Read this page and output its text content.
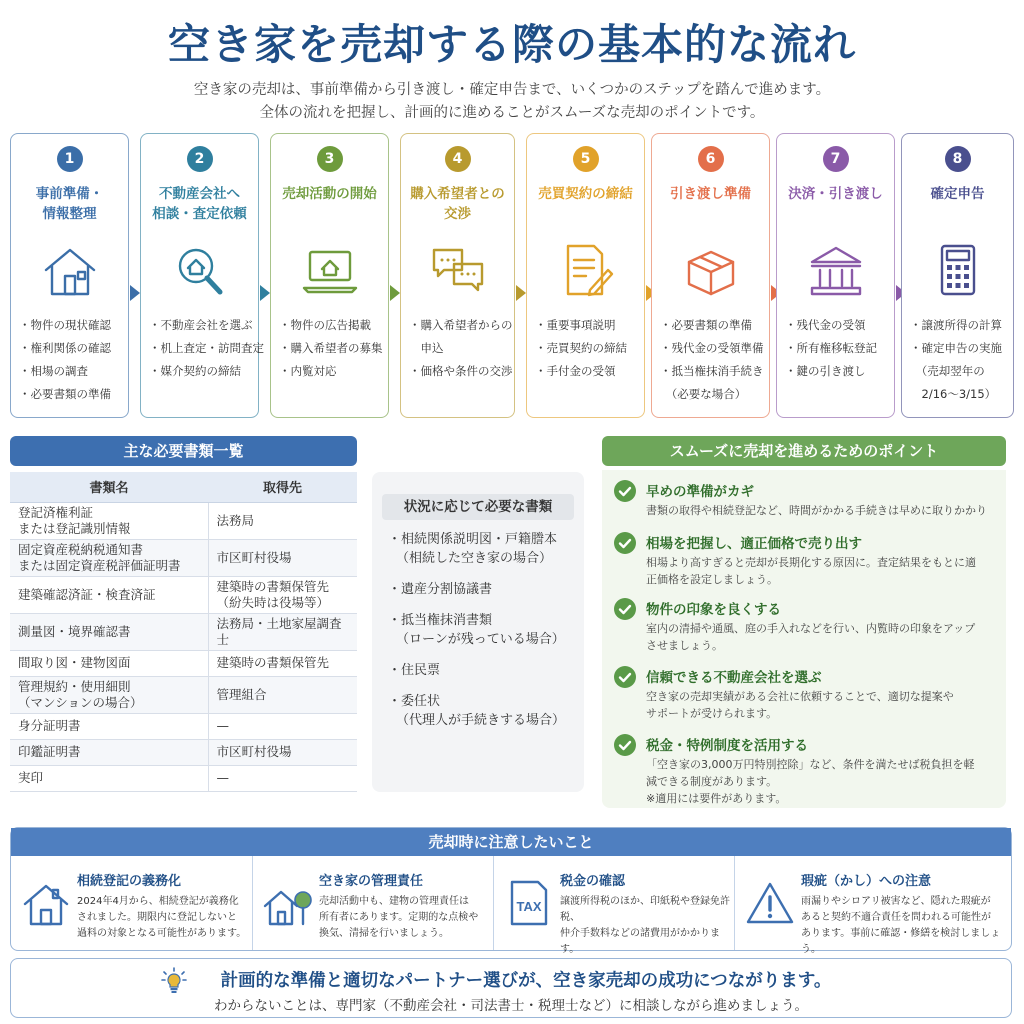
空き家を売却する際の基本的な流れ
空き家の売却は、事前準備から引き渡し・確定申告まで、いくつかのステップを踏んで進めます。
全体の流れを把握し、計画的に進めることがスムーズな売却のポイントです。
1
事前準備・
情報整理
・物件の現状確認
・権利関係の確認
・相場の調査
・必要書類の準備
2
不動産会社へ
相談・査定依頼
・不動産会社を選ぶ
・机上査定・訪問査定
・媒介契約の締結
3
売却活動の開始
・物件の広告掲載
・購入希望者の募集
・内覧対応
4
購入希望者との
交渉
・購入希望者からの
　申込
・価格や条件の交渉
5
売買契約の締結
・重要事項説明
・売買契約の締結
・手付金の受領
6
引き渡し準備
・必要書類の準備
・残代金の受領準備
・抵当権抹消手続き
　（必要な場合）
7
決済・引き渡し
・残代金の受領
・所有権移転登記
・鍵の引き渡し
8
確定申告
・譲渡所得の計算
・確定申告の実施
　（売却翌年の
　2/16〜3/15）
主な必要書類一覧
書類名	取得先

登記済権利証
または登記識別情報	法務局

固定資産税納税通知書
または固定資産税評価証明書	市区町村役場

建築確認済証・検査済証	建築時の書類保管先
（紛失時は役場等）

測量図・境界確認書	法務局・土地家屋調査士

間取り図・建物図面	建築時の書類保管先

管理規約・使用細則
（マンションの場合）	管理組合

身分証明書	—

印鑑証明書	市区町村役場

実印	—
状況に応じて必要な書類
・相続関係説明図・戸籍謄本
（相続した空き家の場合）
・遺産分割協議書
・抵当権抹消書類
（ローンが残っている場合）
・住民票
・委任状
（代理人が手続きする場合）
スムーズに売却を進めるためのポイント
早めの準備がカギ
書類の取得や相続登記など、時間がかかる手続きは早めに取りかかり
相場を把握し、適正価格で売り出す
相場より高すぎると売却が長期化する原因に。査定結果をもとに適
正価格を設定しましょう。
物件の印象を良くする
室内の清掃や通風、庭の手入れなどを行い、内覧時の印象をアップ
させましょう。
信頼できる不動産会社を選ぶ
空き家の売却実績がある会社に依頼することで、適切な提案や
サポートが受けられます。
税金・特例制度を活用する
「空き家の3,000万円特別控除」など、条件を満たせば税負担を軽
減できる制度があります。
※適用には要件があります。
売却時に注意したいこと
相続登記の義務化
2024年4月から、相続登記が義務化
されました。期限内に登記しないと
過料の対象となる可能性があります。
空き家の管理責任
売却活動中も、建物の管理責任は
所有者にあります。定期的な点検や
換気、清掃を行いましょう。
TAX
税金の確認
譲渡所得税のほか、印紙税や登録免許税、
仲介手数料などの諸費用がかかります。
瑕疵（かし）への注意
雨漏りやシロアリ被害など、隠れた瑕疵が
あると契約不適合責任を問われる可能性が
あります。事前に確認・修繕を検討しましょう。
計画的な準備と適切なパートナー選びが、空き家売却の成功につながります。
わからないことは、専門家（不動産会社・司法書士・税理士など）に相談しながら進めましょう。
